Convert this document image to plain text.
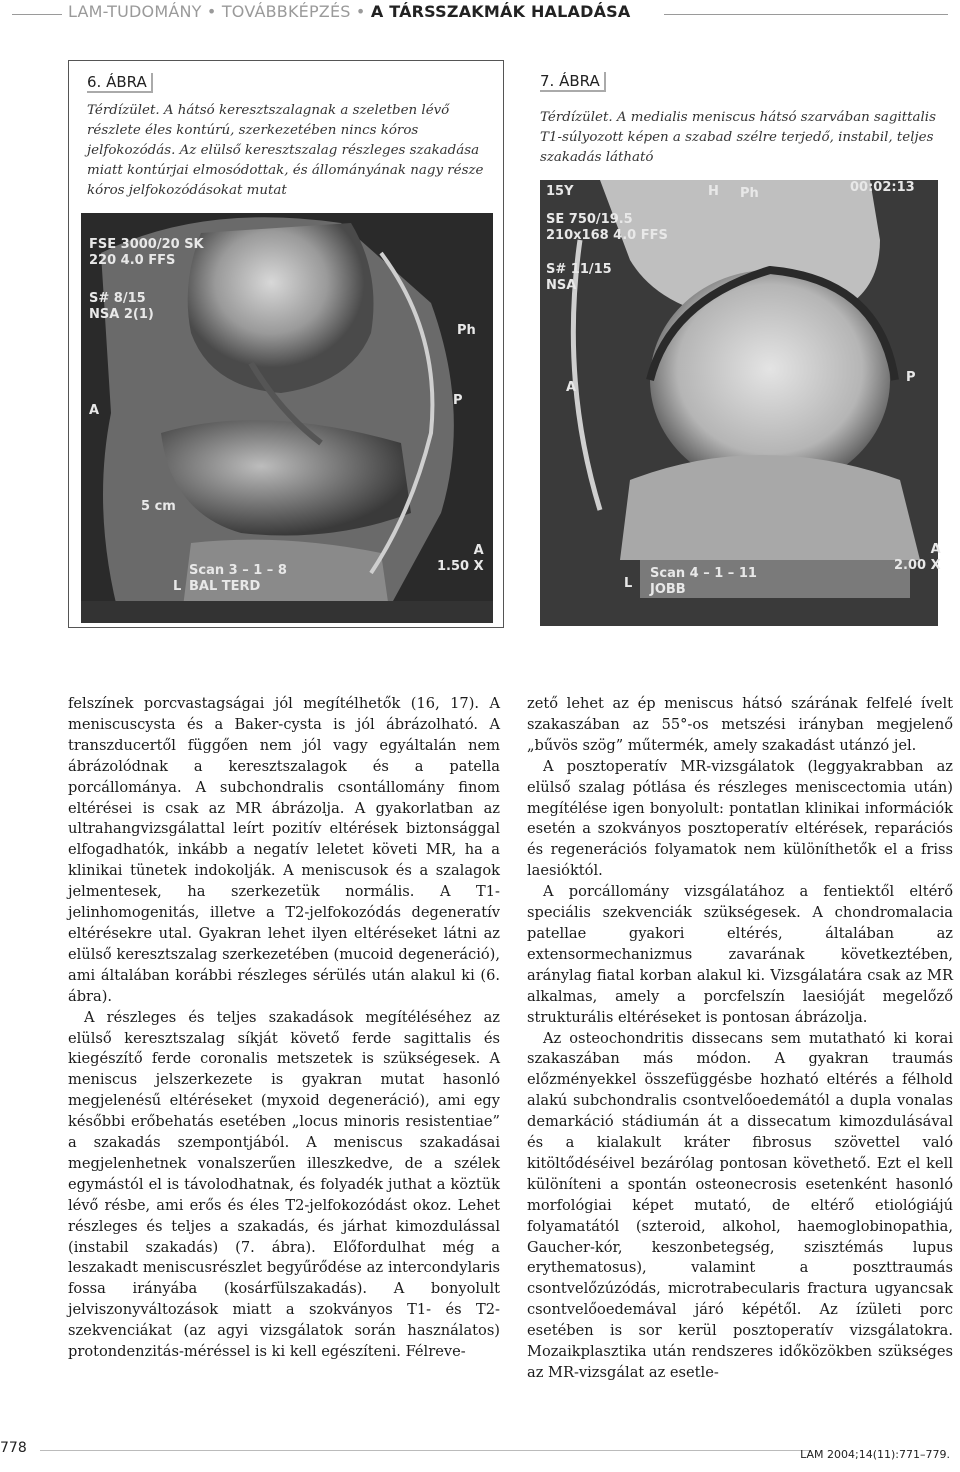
LAM-TUDOMÁNY • TOVÁBBKÉPZÉS • A TÁRSSZAKMÁK HALADÁSA
6. ÁBRA
Térdízület. A hátsó keresztszalagnak a szeletben lévő részlete éles kontúrú, szerkezetében nincs kóros jelfokozódás. Az elülső keresztszalag részleges szakadása miatt kontúrjai elmosódottak, és állományának nagy része kóros jelfokozódásokat mutat
FSE 3000/20 SK
220 4.0 FFS
S# 8/15
NSA 2(1)
A
P
Ph
5 cm
Scan 3 – 1 – 8
BAL TERD
L
A
1.50 X
7. ÁBRA
Térdízület. A medialis meniscus hátsó szarvában sagittalis T1-súlyozott képen a szabad szélre terjedő, instabil, teljes szakadás látható
15Y	H Ph	00:02:13
SE 750/19.5
210x168 4.0 FFS
S# 11/15
NSA
A
P
Scan 4 – 1 – 11
JOBB
L
A
2.00 X

felszínek porcvastagságai jól megítélhetők (16, 17). A meniscuscysta és a Baker-cysta is jól ábrázolható. A transzducertől függően nem jól vagy egyáltalán nem ábrázolódnak a keresztszalagok és a patella porcállománya. A subchondralis csontállomány finom eltérései is csak az MR ábrázolja. A gyakorlatban az ultrahangvizsgálattal leírt pozitív eltérések biztonsággal elfogadhatók, inkább a negatív leletet követi MR, ha a klinikai tünetek indokolják. A meniscusok és a szalagok jelmentesek, ha szerkezetük normális. A T1-jelinhomogenitás, illetve a T2-jelfokozódás degeneratív eltérésekre utal. Gyakran lehet ilyen eltéréseket látni az elülső keresztszalag szerkezetében (mucoid degeneráció), ami általában korábbi részleges sérülés után alakul ki (6. ábra).

A részleges és teljes szakadások megítéléséhez az elülső keresztszalag síkját követő ferde sagittalis és kiegészítő ferde coronalis metszetek is szükségesek. A meniscus jelszerkezete is gyakran mutat hasonló megjelenésű eltéréseket (myxoid degeneráció), ami egy későbbi erőbehatás esetében „locus minoris resistentiae” a szakadás szempontjából. A meniscus szakadásai megjelenhetnek vonalszerűen illeszkedve, de a szélek egymástól el is távolodhatnak, és folyadék juthat a köztük lévő résbe, ami erős és éles T2-jelfokozódást okoz. Lehet részleges és teljes a szakadás, és járhat kimozdulással (instabil szakadás) (7. ábra). Előfordulhat még a leszakadt meniscusrészlet begyűrődése az intercondylaris fossa irányába (kosárfülszakadás). A bonyolult jelviszonyváltozások miatt a szokványos T1- és T2-szekvenciákat (az agyi vizsgálatok során használatos) protondenzitás-méréssel is ki kell egészíteni. Félreve-

zető lehet az ép meniscus hátsó szárának felfelé ívelt szakaszában az 55°-os metszési irányban megjelenő „bűvös szög” műtermék, amely szakadást utánzó jel.

A posztoperatív MR-vizsgálatok (leggyakrabban az elülső szalag pótlása és részleges meniscectomia után) megítélése igen bonyolult: pontatlan klinikai információk esetén a szokványos posztoperatív eltérések, reparációs és regenerációs folyamatok nem különíthetők el a friss laesióktól.

A porcállomány vizsgálatához a fentiektől eltérő speciális szekvenciák szükségesek. A chondromalacia patellae gyakori eltérés, általában az extensormechanizmus zavarának következtében, aránylag fiatal korban alakul ki. Vizsgálatára csak az MR alkalmas, amely a porcfelszín laesióját megelőző strukturális eltéréseket is pontosan ábrázolja.

Az osteochondritis dissecans sem mutatható ki korai szakaszában más módon. A gyakran traumás előzményekkel összefüggésbe hozható eltérés a félhold alakú subchondralis csontvelőoedemától a dupla vonalas demarkáció stádiumán át a dissecatum kimozdulásával és a kialakult kráter fibrosus szövettel való kitöltődéséivel bezárólag pontosan követhető. Ezt el kell különíteni a spontán osteonecrosis esetenként hasonló morfológiai képet mutató, de eltérő etiológiájú folyamatától (szteroid, alkohol, haemoglobinopathia, Gaucher-kór, keszonbetegség, szisztémás lupus erythematosus), valamint a poszttraumás csontvelőzúzódás, microtrabecularis fractura ugyancsak csontvelőoedemával járó képétől. Az ízületi porc esetében is sor kerül posztoperatív vizsgálatokra. Mozaikplasztika után rendszeres időközökben szükséges az MR-vizsgálat az esetle-

778	LAM 2004;14(11):771–779.
